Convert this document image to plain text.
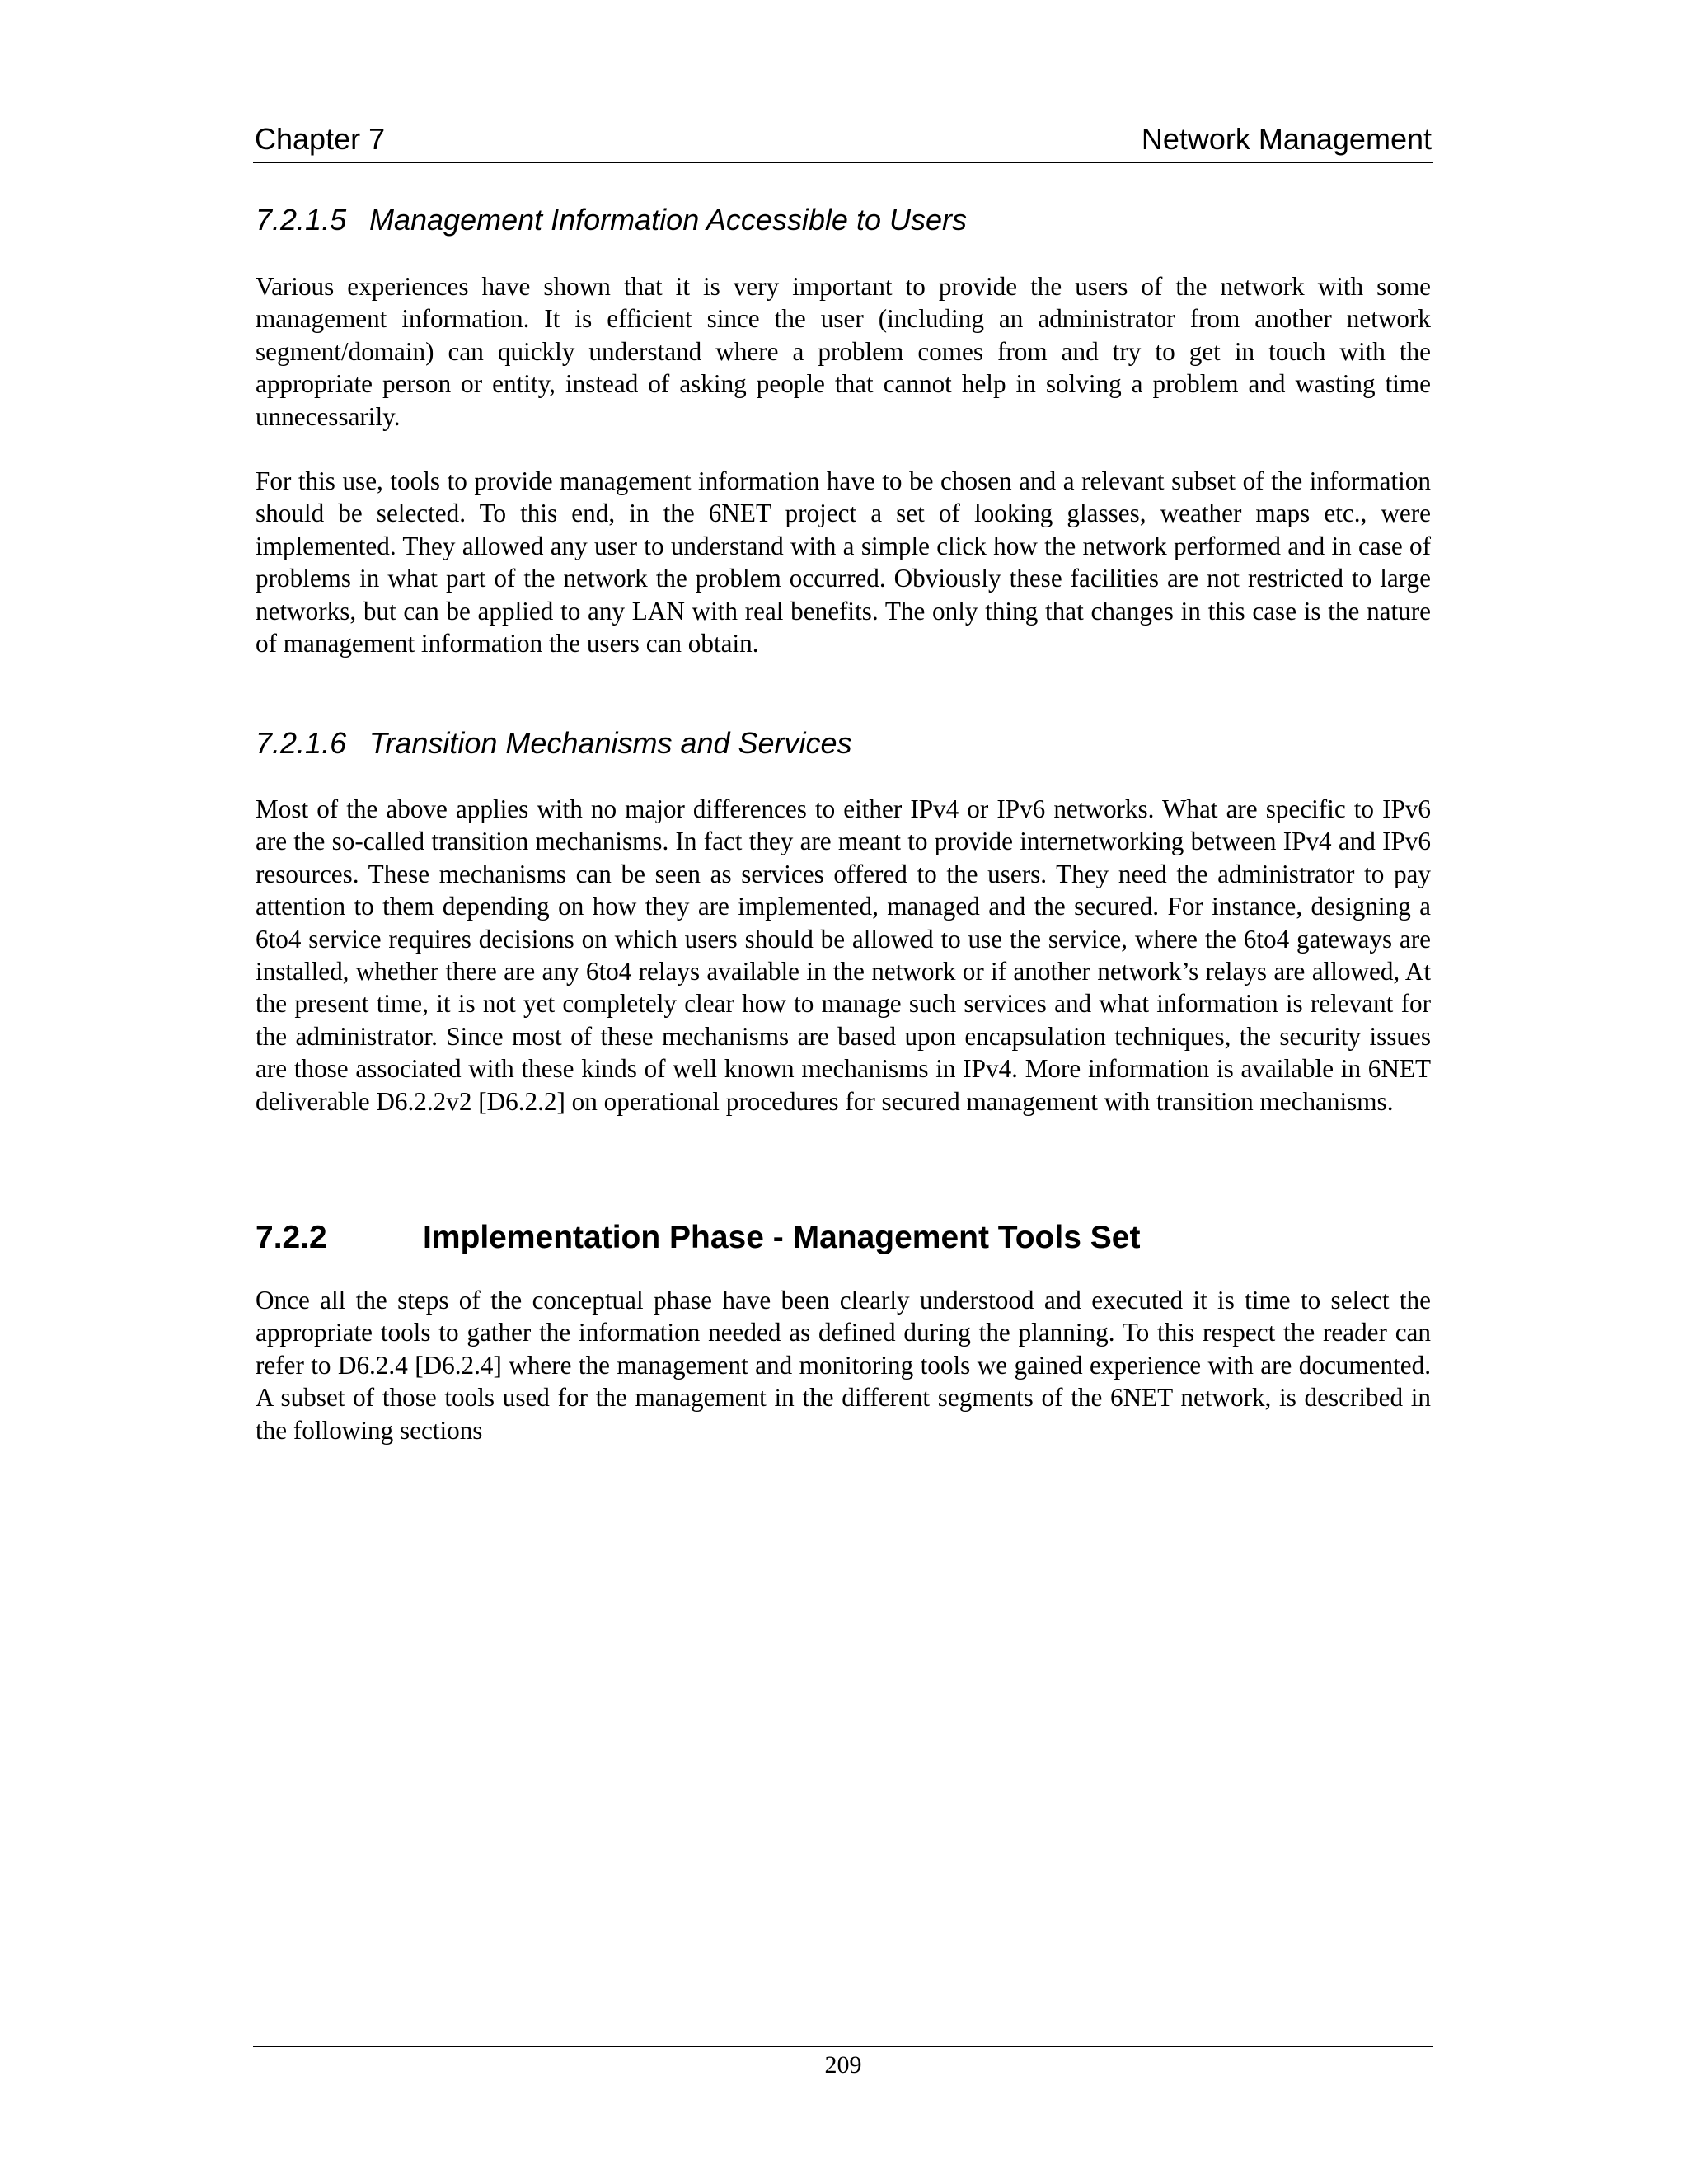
Chapter 7	Network Management
7.2.1.5 Management Information Accessible to Users

Various experiences have shown that it is very important to provide the users of the network with some management information. It is efficient since the user (including an administrator from another network segment/domain) can quickly understand where a problem comes from and try to get in touch with the appropriate person or entity, instead of asking people that cannot help in solving a problem and wasting time unnecessarily.

For this use, tools to provide management information have to be chosen and a relevant subset of the information should be selected. To this end, in the 6NET project a set of looking glasses, weather maps etc., were implemented. They allowed any user to understand with a simple click how the network performed and in case of problems in what part of the network the problem occurred. Obviously these facilities are not restricted to large networks, but can be applied to any LAN with real benefits. The only thing that changes in this case is the nature of management information the users can obtain.

7.2.1.6 Transition Mechanisms and Services

Most of the above applies with no major differences to either IPv4 or IPv6 networks. What are specific to IPv6 are the so-called transition mechanisms. In fact they are meant to provide internetworking between IPv4 and IPv6 resources. These mechanisms can be seen as services offered to the users. They need the administrator to pay attention to them depending on how they are implemented, managed and the secured. For instance, designing a 6to4 service requires decisions on which users should be allowed to use the service, where the 6to4 gateways are installed, whether there are any 6to4 relays available in the network or if another network’s relays are allowed, At the present time, it is not yet completely clear how to manage such services and what information is relevant for the administrator. Since most of these mechanisms are based upon encapsulation techniques, the security issues are those associated with these kinds of well known mechanisms in IPv4. More information is available in 6NET deliverable D6.2.2v2 [D6.2.2] on operational procedures for secured management with transition mechanisms.

7.2.2	Implementation Phase - Management Tools Set

Once all the steps of the conceptual phase have been clearly understood and executed it is time to select the appropriate tools to gather the information needed as defined during the planning. To this respect the reader can refer to D6.2.4 [D6.2.4] where the management and monitoring tools we gained experience with are documented. A subset of those tools used for the management in the different segments of the 6NET network, is described in the following sections

209
